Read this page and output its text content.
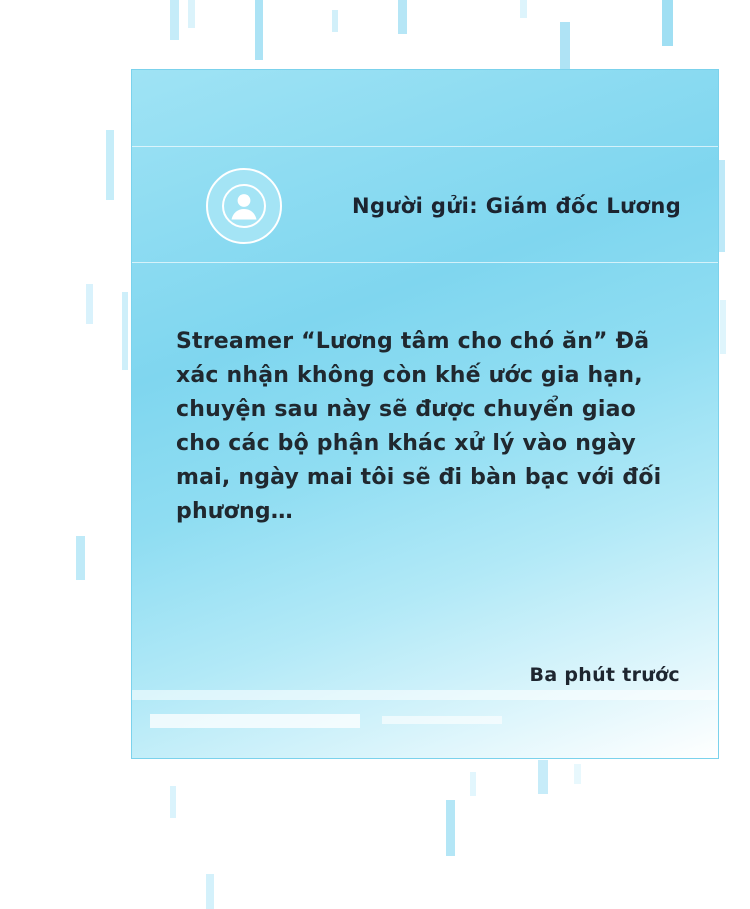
Người gửi: Giám đốc Lương
Streamer “Lương tâm cho chó ăn” Đã xác nhận không còn khế ước gia hạn, chuyện sau này sẽ được chuyển giao cho các bộ phận khác xử lý vào ngày mai, ngày mai tôi sẽ đi bàn bạc với đối phương…
Ba phút trước
